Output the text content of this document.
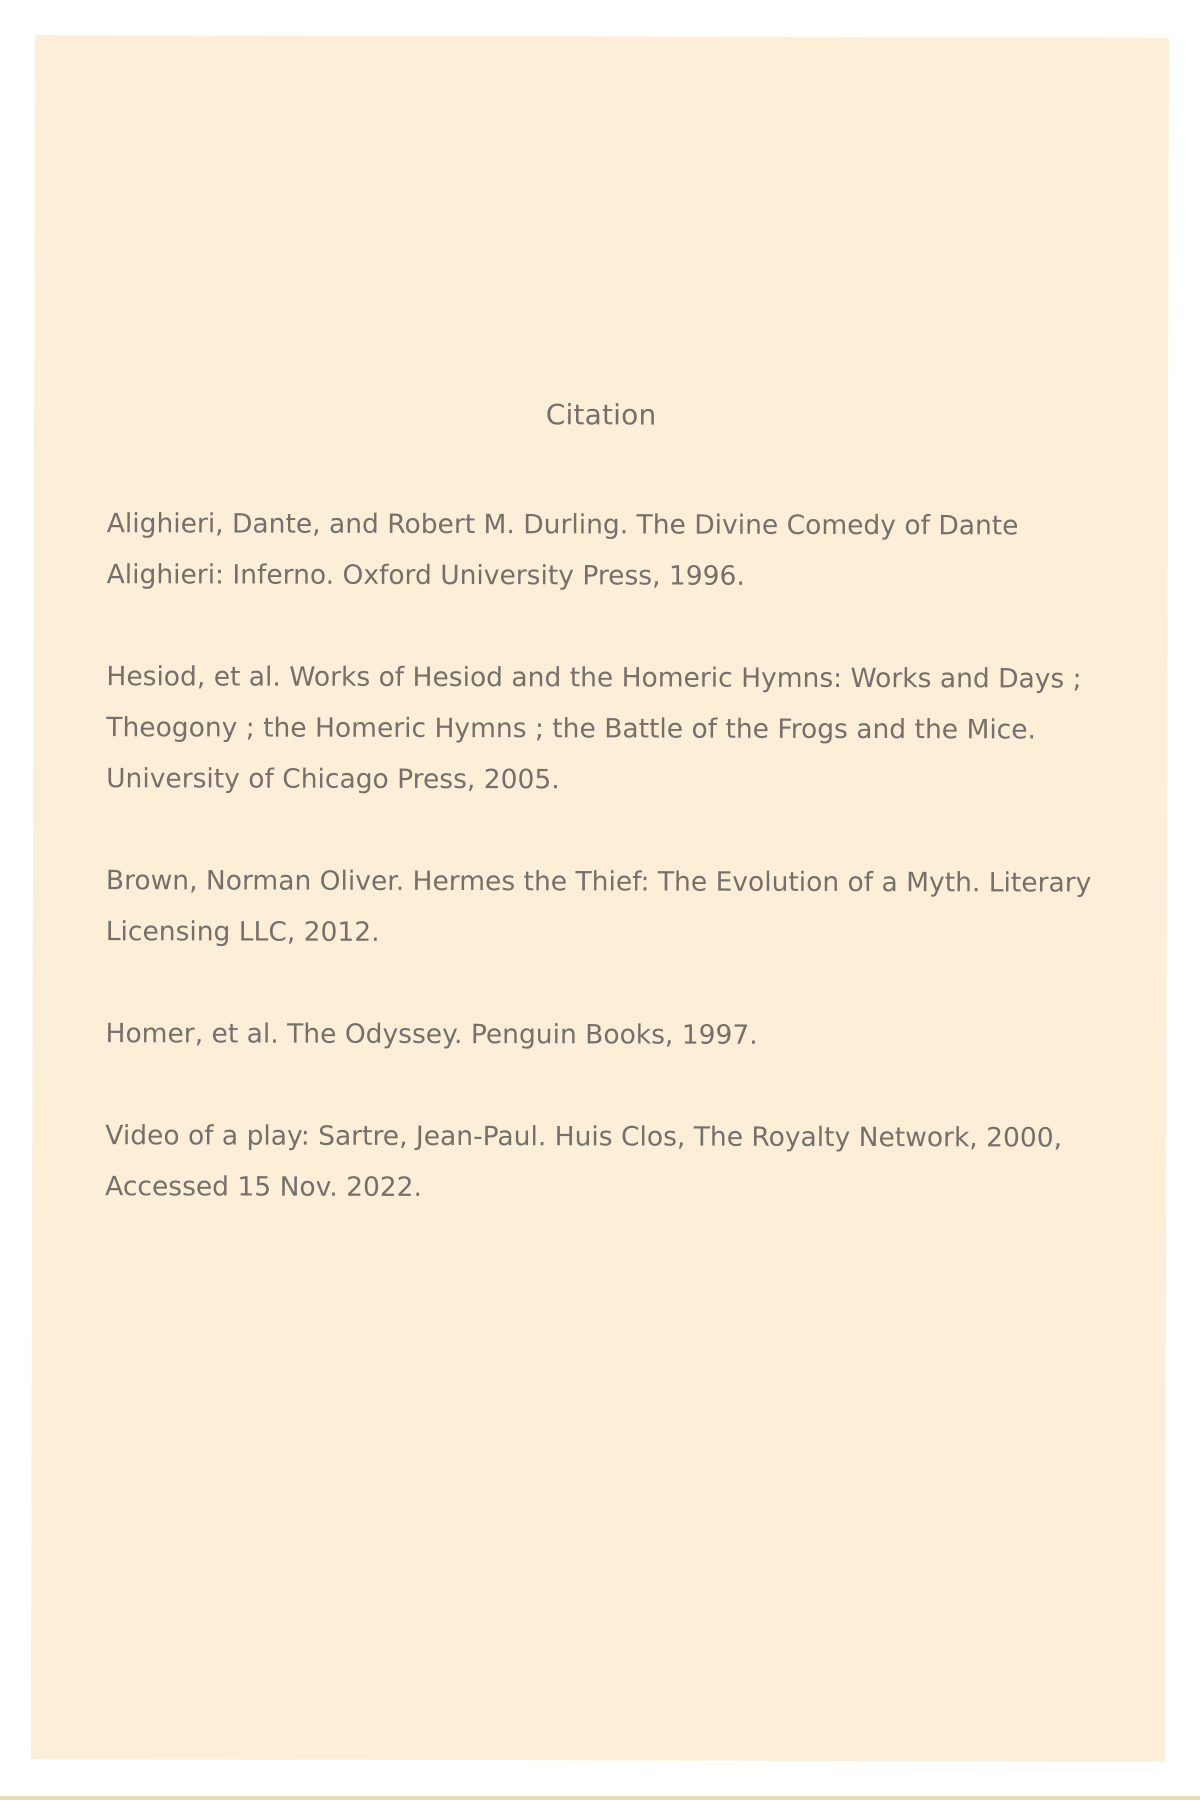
Citation
Alighieri, Dante, and Robert M. Durling. The Divine Comedy of Dante Alighieri: Inferno. Oxford University Press, 1996.
Hesiod, et al. Works of Hesiod and the Homeric Hymns: Works and Days ; Theogony ; the Homeric Hymns ; the Battle of the Frogs and the Mice. University of Chicago Press, 2005.
Brown, Norman Oliver. Hermes the Thief: The Evolution of a Myth. Literary Licensing LLC, 2012.
Homer, et al. The Odyssey. Penguin Books, 1997.
Video of a play: Sartre, Jean-Paul. Huis Clos, The Royalty Network, 2000, Accessed 15 Nov. 2022.
